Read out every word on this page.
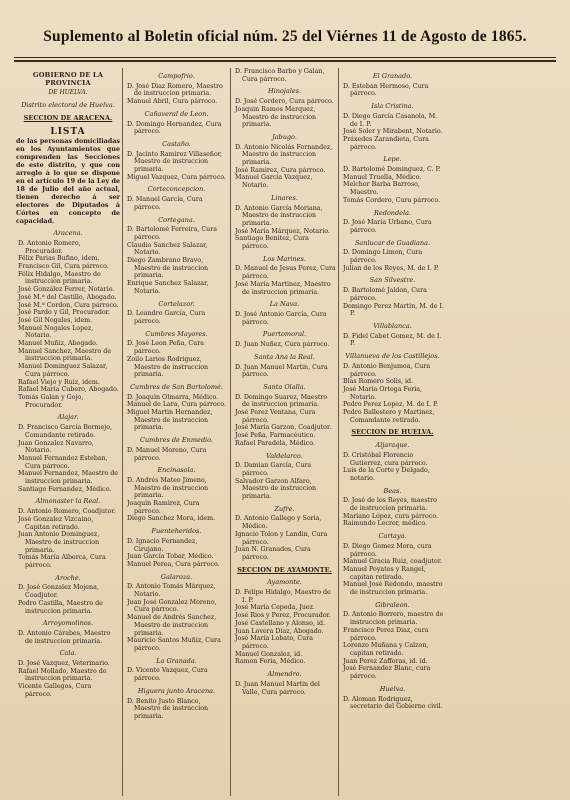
Suplemento al Boletin oficial núm. 25 del Viérnes 11 de Agosto de 1865.
GOBIERNO DE LA PROVINCIA
DE HUELVA.
Distrito electoral de Huelva.
SECCION DE ARACENA.
LISTA
de las personas domiciliadas en los Ayuntamientos que comprenden las Secciones de este distrito, y que con arreglo á lo que se dispone en el artículo 19 de la Ley de 18 de Julio del año actual, tienen derecho á ser electores de Diputados á Córtes en concepto de capacidad.
Aracena.
D. Antonio Romero, Procurador.
Félix Parias Bufino, idem.
Francisco Gil, Cura párroco.
Félix Hidalgo, Maestro de instruccion primaria.
José González Ferrer, Notario.
José M.ª del Castillo, Abogado.
José M.ª Cordon, Cura párroco.
José Pardo y Gil, Procurador.
José Gil Nogales, idem.
Manuel Nogales Lopez, Notario.
Manuel Muñiz, Abogado.
Manuel Sanchez, Maestro de instruccion primaria.
Manuel Dominguez Salazar, Cura párroco.
Rafael Viejo y Ruiz, idem.
Rafael María Cubero, Abogado.
Tomás Galan y Gojo, Procurador.
Alajar.
D. Francisco García Bermejo, Comandante retirado.
Juan Gonzalez Navarro, Notario.
Manuel Fernandez Esteban, Cura párroco.
Manuel Fernandez, Maestro de instruccion primaria.
Santiago Fernandez, Médico.
Almonaster la Real.
D. Antonio Romero, Coadjutor.
José Gonzalez Vizcaino, Capitan retirado.
Juan Antonio Dominguez, Maestro de instruccion primaria.
Tomás María Alberca, Cura párroco.
Aroche.
D. José Gonzalez Mojena, Coadjutor.
Pedro Castilla, Maestro de instruccion primaria.
Arroyomolinos.
D. Antonio Cárabes, Maestro de instruccion primaria.
Cala.
D. José Vazquez, Veterinario.
Rafael Mollado, Maestro de instruccion primaria.
Vicente Gallegos, Cura párroco.
Campofrio.
D. José Diaz Romero, Maestro de instruccion primaria.
Manuel Abril, Cura párroco.
Cañaveral de Leon.
D. Domingo Hernandez, Cura párroco.
Castaño.
D. Jacinto Ramirez Villaseñor, Maestro de instruccion primaria.
Miguel Vazquez, Cura párroco.
Corteconcepcion.
D. Manuel García, Cura párroco.
Cortegana.
D. Bartolomé Ferreira, Cura párroco.
Claudio Sanchez Salazar, Notario.
Diego Zambrano Bravo, Maestro de instruccion primaria.
Enrique Sanchez Salazar, Notario.
Cortelazor.
D. Leandro García, Cura párroco.
Cumbres Mayores.
D. José Leon Peña, Cura párroco.
Zoilo Larios Rodriguez, Maestro de instruccion primaria.
Cumbres de San Bartolomé.
D. Joaquin Olmarra, Médico.
Manuel de Lara, Cura párroco.
Miguel Martin Hernandez, Maestro de instruccion primaria.
Cumbres de Enmedio.
D. Manuel Moreno, Cura párroco.
Encinasola.
D. Andrés Mateo Jimeno, Maestro de instruccion primaria.
Joaquin Ramirez, Cura párroco.
Diego Sanchez Mora, idem.
Fuenteheridos.
D. Ignacio Fernandez, Cirujano.
Juan García Tobar, Médico.
Manuel Perea, Cura párroco.
Galaroza.
D. Antonio Tomás Márquez, Notario.
Juan José Gonzalez Moreno, Cura párroco.
Manuel de Andrés Sanchez, Maestro de instruccion primaria.
Mauricio Santos Muñiz, Cura párroco.
La Granada.
D. Vicente Vazquez, Cura párroco.
Higuera junto Aracena.
D. Benito Justo Blanco, Maestro de instruccion primaria.
D. Francisco Barbo y Galan, Cura párroco.
Hinojales.
D. José Cordero, Cura párroco.
Joaquin Ramos Marquez, Maestro de instruccion primaria.
Jabugo.
D. Antonio Nicolás Fernandez, Maestro de instruccion primaria.
José Ramirez, Cura párroco.
Manuel García Vazquez, Notario.
Linares.
D. Antonio García Moriana, Maestro de instruccion primaria.
José María Márquez, Notario.
Santiago Benitez, Cura párroco.
Los Marines.
D. Manuel de Jesus Perez, Cura párroco.
José María Martinez, Maestro de instruccion primaria.
La Nava.
D. José Antonio García, Cura párroco.
Puertomoral.
D. Juan Nuñez, Cura párroco.
Santa Ana la Real.
D. Juan Manuel Martin, Cura párroco.
Santa Olalla.
D. Domingo Suarez, Maestro de instruccion primaria.
José Perez Ventana, Cura párroco.
José María Garzon, Coadjutor.
José Peña, Farmacéutico.
Rafael Paradela, Médico.
Valdelarco.
D. Damian García, Cura párroco.
Salvador Garzon Alfaro, Maestro de instruccion primaria.
Zufre.
D. Antonio Gallego y Soria, Médico.
Ignacio Tolon y Landin, Cura párroco.
Juan N. Granados, Cura párroco.
SECCION DE AYAMONTE.
Ayamonte.
D. Felipe Hidalgo, Maestro de I. P.
José María Cepeda, Juez.
José Rios y Perez, Procurador.
José Castellano y Alonso, id.
Juan Lovera Díaz, Abogado.
José María Lobato, Cura párroco.
Manuel Gonzalez, id.
Ramon Feria, Médico.
Almendro.
D. Juan Manuel Martin del Valle, Cura párroco.
El Granado.
D. Esteban Hermoso, Cura párroco.
Isla Cristina.
D. Diego García Casanola, M. de I. P.
José Soler y Mirabent, Notario.
Práxedes Zarandieta, Cura párroco.
Lepe.
D. Bartolomé Dominguez, C. P.
Manuel Truella, Médico.
Melchor Barba Barroso, Maestro.
Tomás Cordero, Cura párroco.
Redondela.
D. José María Urbano, Cura párroco.
Sanlucar de Guadiana.
D. Domingo Limon, Cura párroco.
Julian de los Reyes, M. de I. P.
San Silvestre.
D. Bartolomé Jaldon, Cura párroco.
Domingo Perez Martin, M. de I. P.
Villablanca.
D. Fidel Cabet Gomez, M. de I. P.
Villanueva de los Castillejos.
D. Antonio Benjumea, Cura párroco.
Blas Romero Solis, id.
José María Ortega Feria, Notario.
Pedro Perez Lopez, M. de I. P.
Pedro Ballestero y Martinez, Comandante retirado.
SECCION DE HUELVA.
Aljaraque.
D. Cristóbal Florencio Gutierrez, cura párroco.
Luis de la Corte y Delgado, notario.
Beas.
D. José de los Reyes, maestro de instruccion primaria.
Mariano López, cura párroco.
Raimundo Lecrer, médico.
Cartaya.
D. Diego Gomez Mora, cura párroco.
Manuel Gracia Ruiz, coadjutor.
Manuel Poyatos y Rangel, capitan retirado.
Manuel José Redondo, maestro de instruccion primaria.
Gibraleon.
D. Antonio Borrero, maestro de instruccion primaria.
Francisco Perez Diaz, cura párroco.
Lorenzo Muñana y Calzon, capitan retirado.
Juan Perez Zafforas, id. id.
José Fernandez Blanc, cura párroco.
Huelva.
D. Aloman Rodriguez, secretario del Gobierno civil.
